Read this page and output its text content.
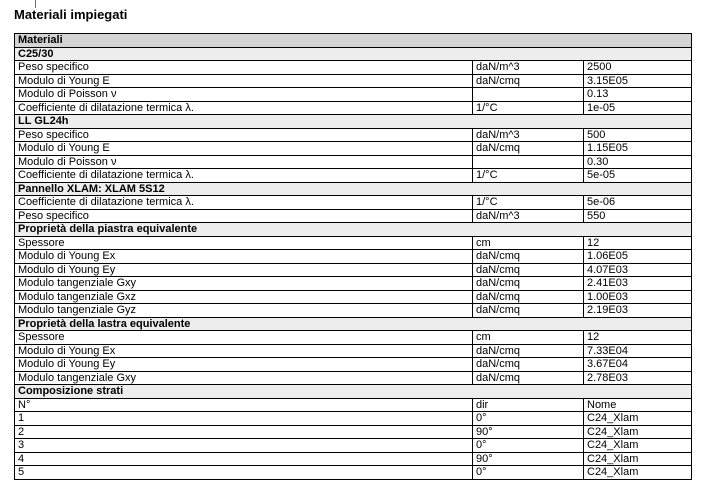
Materiali impiegati
Materiali		
C25/30		
Peso specifico	daN/m^3	2500
Modulo di Young E	daN/cmq	3.15E05
Modulo di Poisson ν		0.13
Coefficiente di dilatazione termica λ.	1/°C	1e-05
LL GL24h		
Peso specifico	daN/m^3	500
Modulo di Young E	daN/cmq	1.15E05
Modulo di Poisson ν		0.30
Coefficiente di dilatazione termica λ.	1/°C	5e-05
Pannello XLAM: XLAM 5S12		
Coefficiente di dilatazione termica λ.	1/°C	5e-06
Peso specifico	daN/m^3	550
Proprietà della piastra equivalente		
Spessore	cm	12
Modulo di Young Ex	daN/cmq	1.06E05
Modulo di Young Ey	daN/cmq	4.07E03
Modulo tangenziale Gxy	daN/cmq	2.41E03
Modulo tangenziale Gxz	daN/cmq	1.00E03
Modulo tangenziale Gyz	daN/cmq	2.19E03
Proprietà della lastra equivalente		
Spessore	cm	12
Modulo di Young Ex	daN/cmq	7.33E04
Modulo di Young Ey	daN/cmq	3.67E04
Modulo tangenziale Gxy	daN/cmq	2.78E03
Composizione strati		
N°	dir	Nome
1	0°	C24_Xlam
2	90°	C24_Xlam
3	0°	C24_Xlam
4	90°	C24_Xlam
5	0°	C24_Xlam
